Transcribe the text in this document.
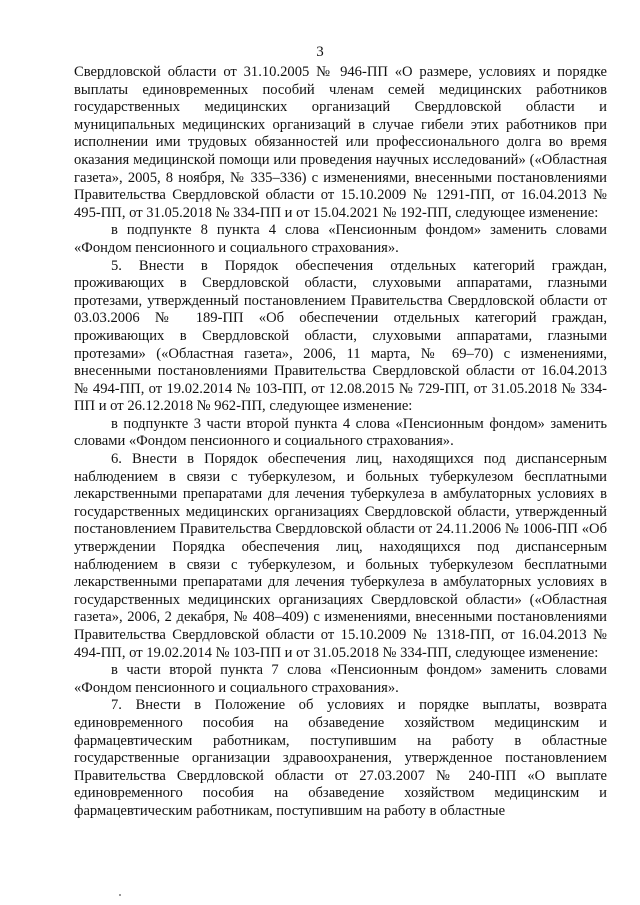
3

Свердловской области от 31.10.2005 № 946-ПП «О размере, условиях и порядке выплаты единовременных пособий членам семей медицинских работников государственных медицинских организаций Свердловской области и муниципальных медицинских организаций в случае гибели этих работников при исполнении ими трудовых обязанностей или профессионального долга во время оказания медицинской помощи или проведения научных исследований» («Областная газета», 2005, 8 ноября, № 335–336) с изменениями, внесенными постановлениями Правительства Свердловской области от 15.10.2009 № 1291-ПП, от 16.04.2013 № 495-ПП, от 31.05.2018 № 334-ПП и от 15.04.2021 № 192-ПП, следующее изменение:

в подпункте 8 пункта 4 слова «Пенсионным фондом» заменить словами «Фондом пенсионного и социального страхования».

5. Внести в Порядок обеспечения отдельных категорий граждан, проживающих в Свердловской области, слуховыми аппаратами, глазными протезами, утвержденный постановлением Правительства Свердловской области от 03.03.2006 № 189-ПП «Об обеспечении отдельных категорий граждан, проживающих в Свердловской области, слуховыми аппаратами, глазными протезами» («Областная газета», 2006, 11 марта, № 69–70) с изменениями, внесенными постановлениями Правительства Свердловской области от 16.04.2013 № 494-ПП, от 19.02.2014 № 103-ПП, от 12.08.2015 № 729-ПП, от 31.05.2018 № 334-ПП и от 26.12.2018 № 962-ПП, следующее изменение:

в подпункте 3 части второй пункта 4 слова «Пенсионным фондом» заменить словами «Фондом пенсионного и социального страхования».

6. Внести в Порядок обеспечения лиц, находящихся под диспансерным наблюдением в связи с туберкулезом, и больных туберкулезом бесплатными лекарственными препаратами для лечения туберкулеза в амбулаторных условиях в государственных медицинских организациях Свердловской области, утвержденный постановлением Правительства Свердловской области от 24.11.2006 № 1006-ПП «Об утверждении Порядка обеспечения лиц, находящихся под диспансерным наблюдением в связи с туберкулезом, и больных туберкулезом бесплатными лекарственными препаратами для лечения туберкулеза в амбулаторных условиях в государственных медицинских организациях Свердловской области» («Областная газета», 2006, 2 декабря, № 408–409) с изменениями, внесенными постановлениями Правительства Свердловской области от 15.10.2009 № 1318-ПП, от 16.04.2013 № 494-ПП, от 19.02.2014 № 103-ПП и от 31.05.2018 № 334-ПП, следующее изменение:

в части второй пункта 7 слова «Пенсионным фондом» заменить словами «Фондом пенсионного и социального страхования».

7. Внести в Положение об условиях и порядке выплаты, возврата единовременного пособия на обзаведение хозяйством медицинским и фармацевтическим работникам, поступившим на работу в областные государственные организации здравоохранения, утвержденное постановлением Правительства Свердловской области от 27.03.2007 № 240-ПП «О выплате единовременного пособия на обзаведение хозяйством медицинским и фармацевтическим работникам, поступившим на работу в областные
